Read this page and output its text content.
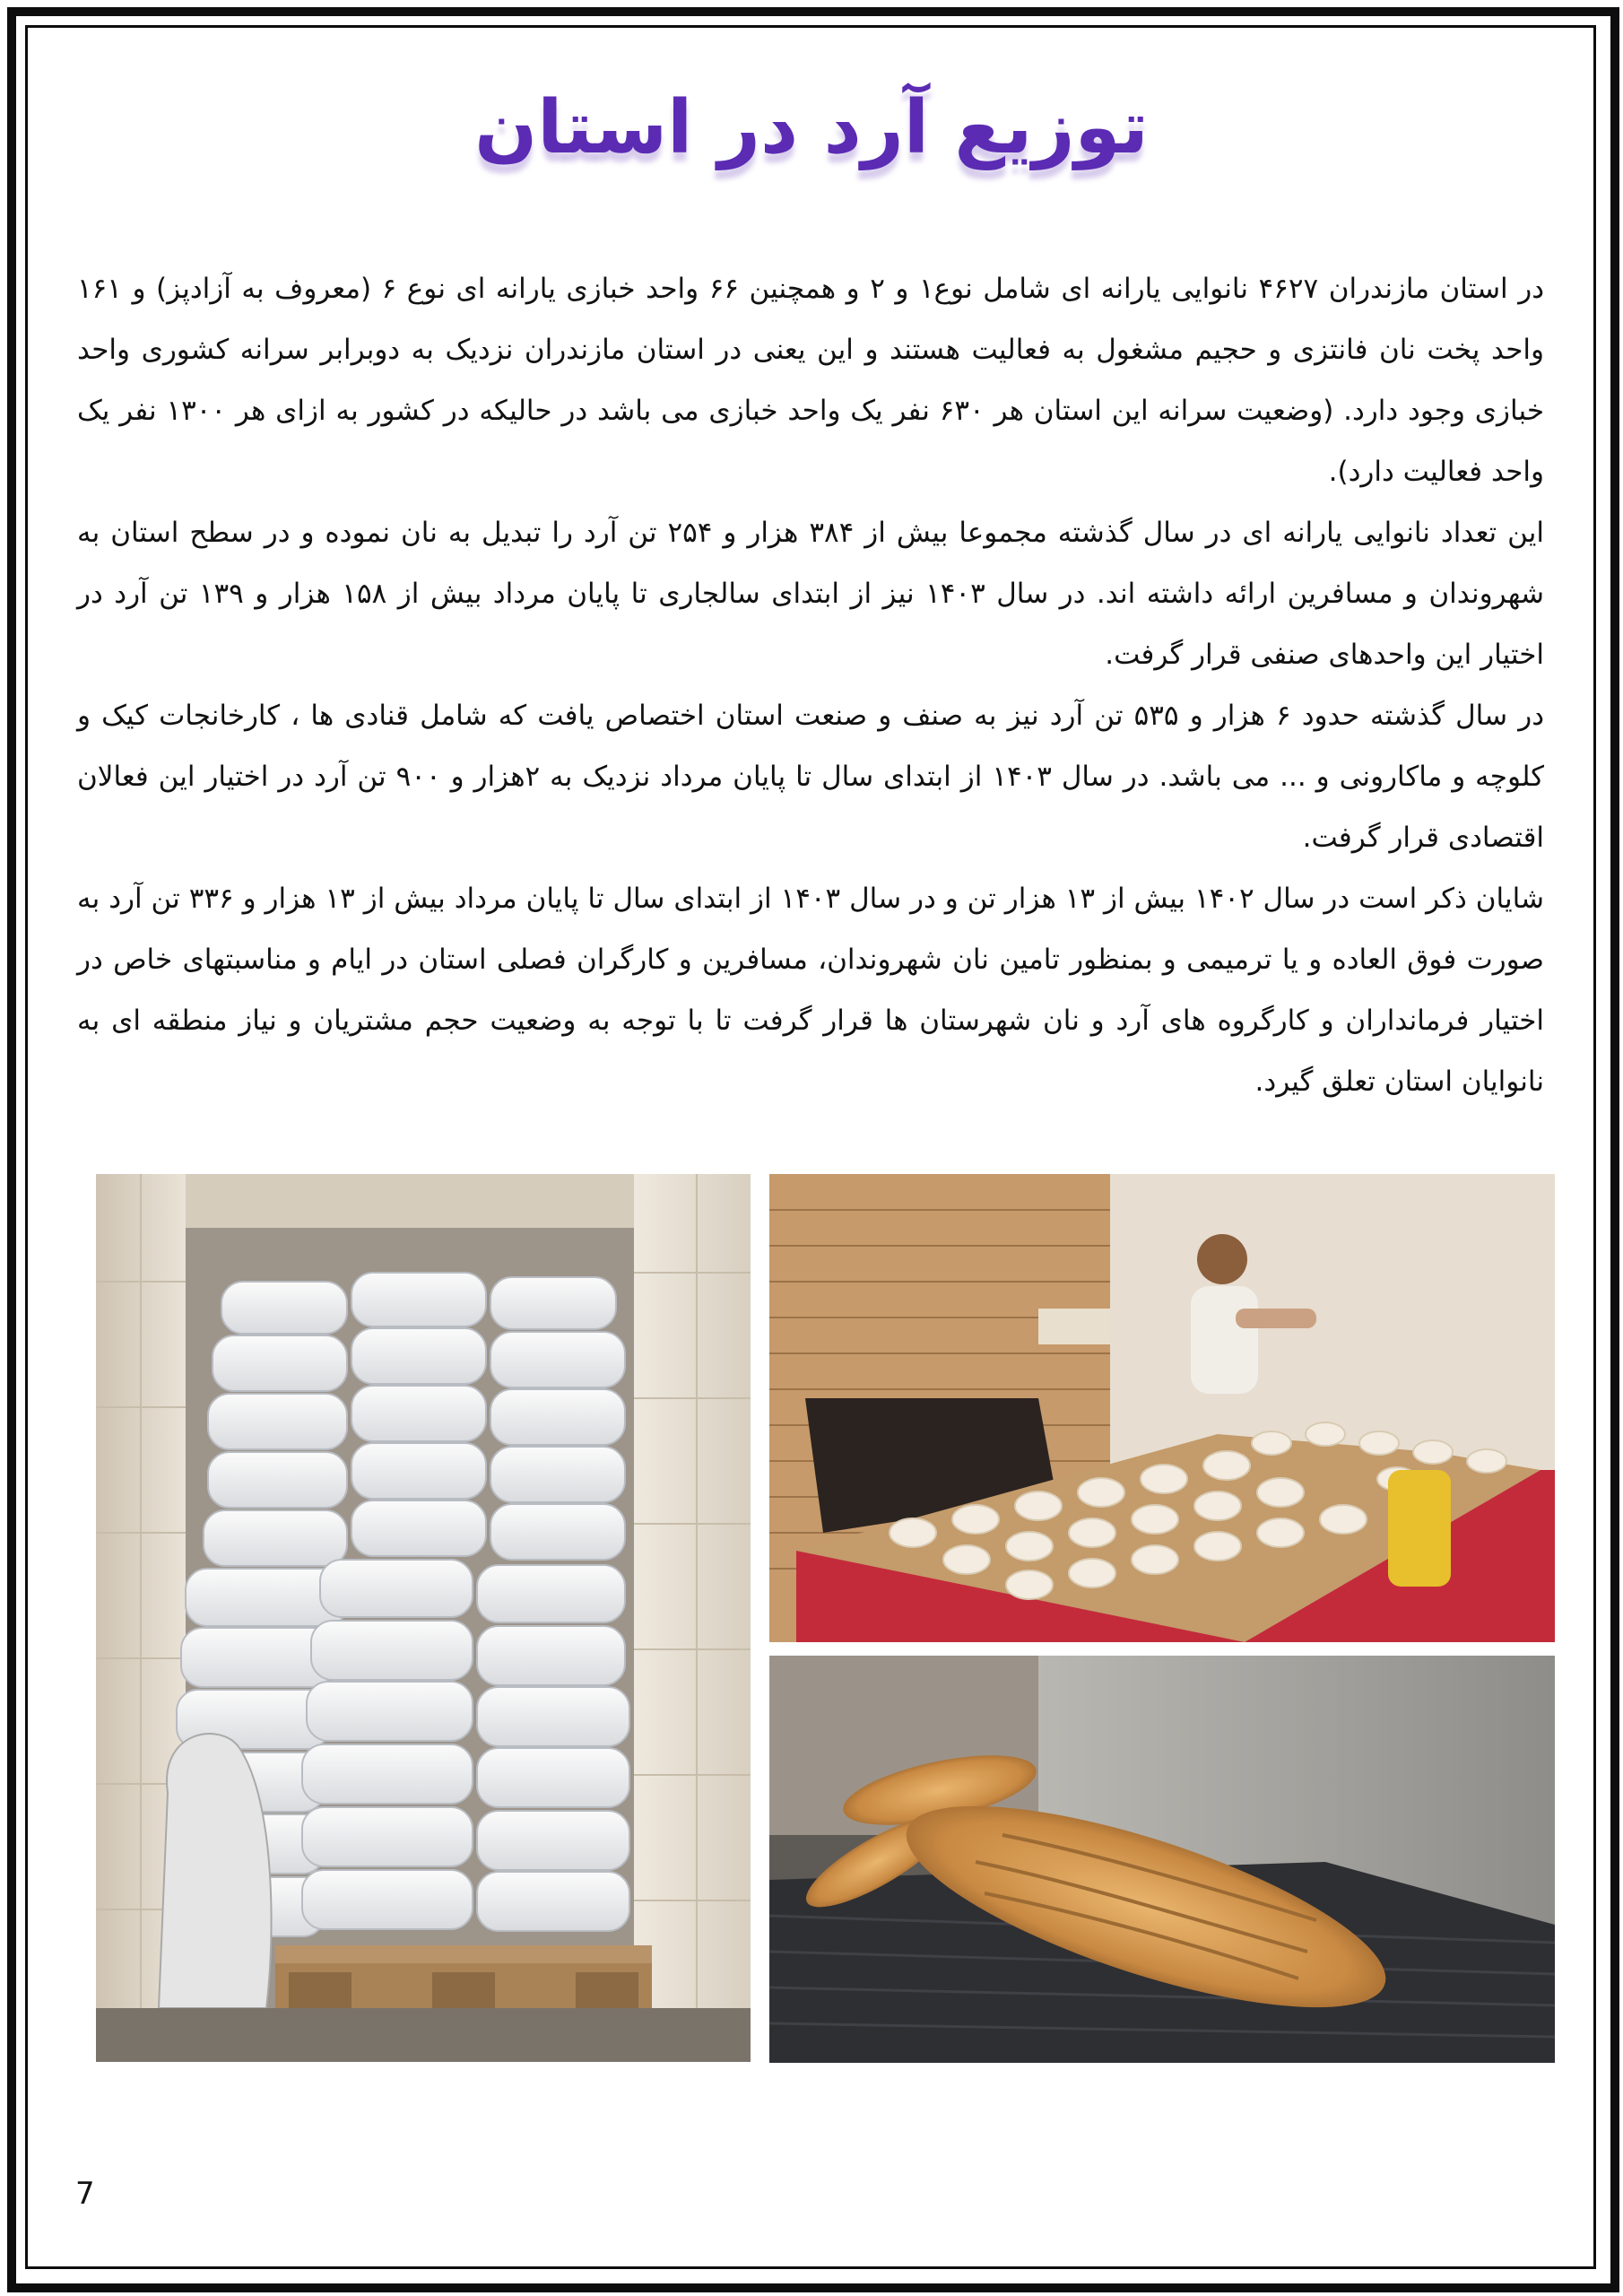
توزیع آرد در استان

در استان مازندران ۴۶۲۷ نانوایی یارانه ای شامل نوع۱ و ۲ و همچنین ۶۶ واحد خبازی یارانه ای نوع ۶ (معروف به آزادپز) و ۱۶۱ واحد پخت نان فانتزی و حجیم مشغول به فعالیت هستند و این یعنی در استان مازندران نزدیک به دوبرابر سرانه کشوری واحد خبازی وجود دارد. (وضعیت سرانه این استان هر ۶۳۰ نفر یک واحد خبازی می باشد در حالیکه در کشور به ازای هر ۱۳۰۰ نفر یک واحد فعالیت دارد).

این تعداد نانوایی یارانه ای در سال گذشته مجموعا بیش از ۳۸۴ هزار و ۲۵۴ تن آرد را تبدیل به نان نموده و در سطح استان به شهروندان و مسافرین ارائه داشته اند. در سال ۱۴۰۳ نیز از ابتدای سالجاری تا پایان مرداد بیش از ۱۵۸ هزار و ۱۳۹ تن آرد در اختیار این واحدهای صنفی قرار گرفت.

در سال گذشته حدود ۶ هزار و ۵۳۵ تن آرد نیز به صنف و صنعت استان اختصاص یافت که شامل قنادی ها ، کارخانجات کیک و کلوچه و ماکارونی و ... می باشد. در سال ۱۴۰۳ از ابتدای سال تا پایان مرداد نزدیک به ۲هزار و ۹۰۰ تن آرد در اختیار این فعالان اقتصادی قرار گرفت.

شایان ذکر است در سال ۱۴۰۲ بیش از ۱۳ هزار تن و در سال ۱۴۰۳ از ابتدای سال تا پایان مرداد بیش از ۱۳ هزار و ۳۳۶ تن آرد به صورت فوق العاده و یا ترمیمی و بمنظور تامین نان شهروندان، مسافرین و کارگران فصلی استان در ایام و مناسبتهای خاص در اختیار فرمانداران و کارگروه های آرد و نان شهرستان ها قرار گرفت تا با توجه به وضعیت حجم مشتریان و نیاز منطقه ای به نانوایان استان تعلق گیرد.

7
